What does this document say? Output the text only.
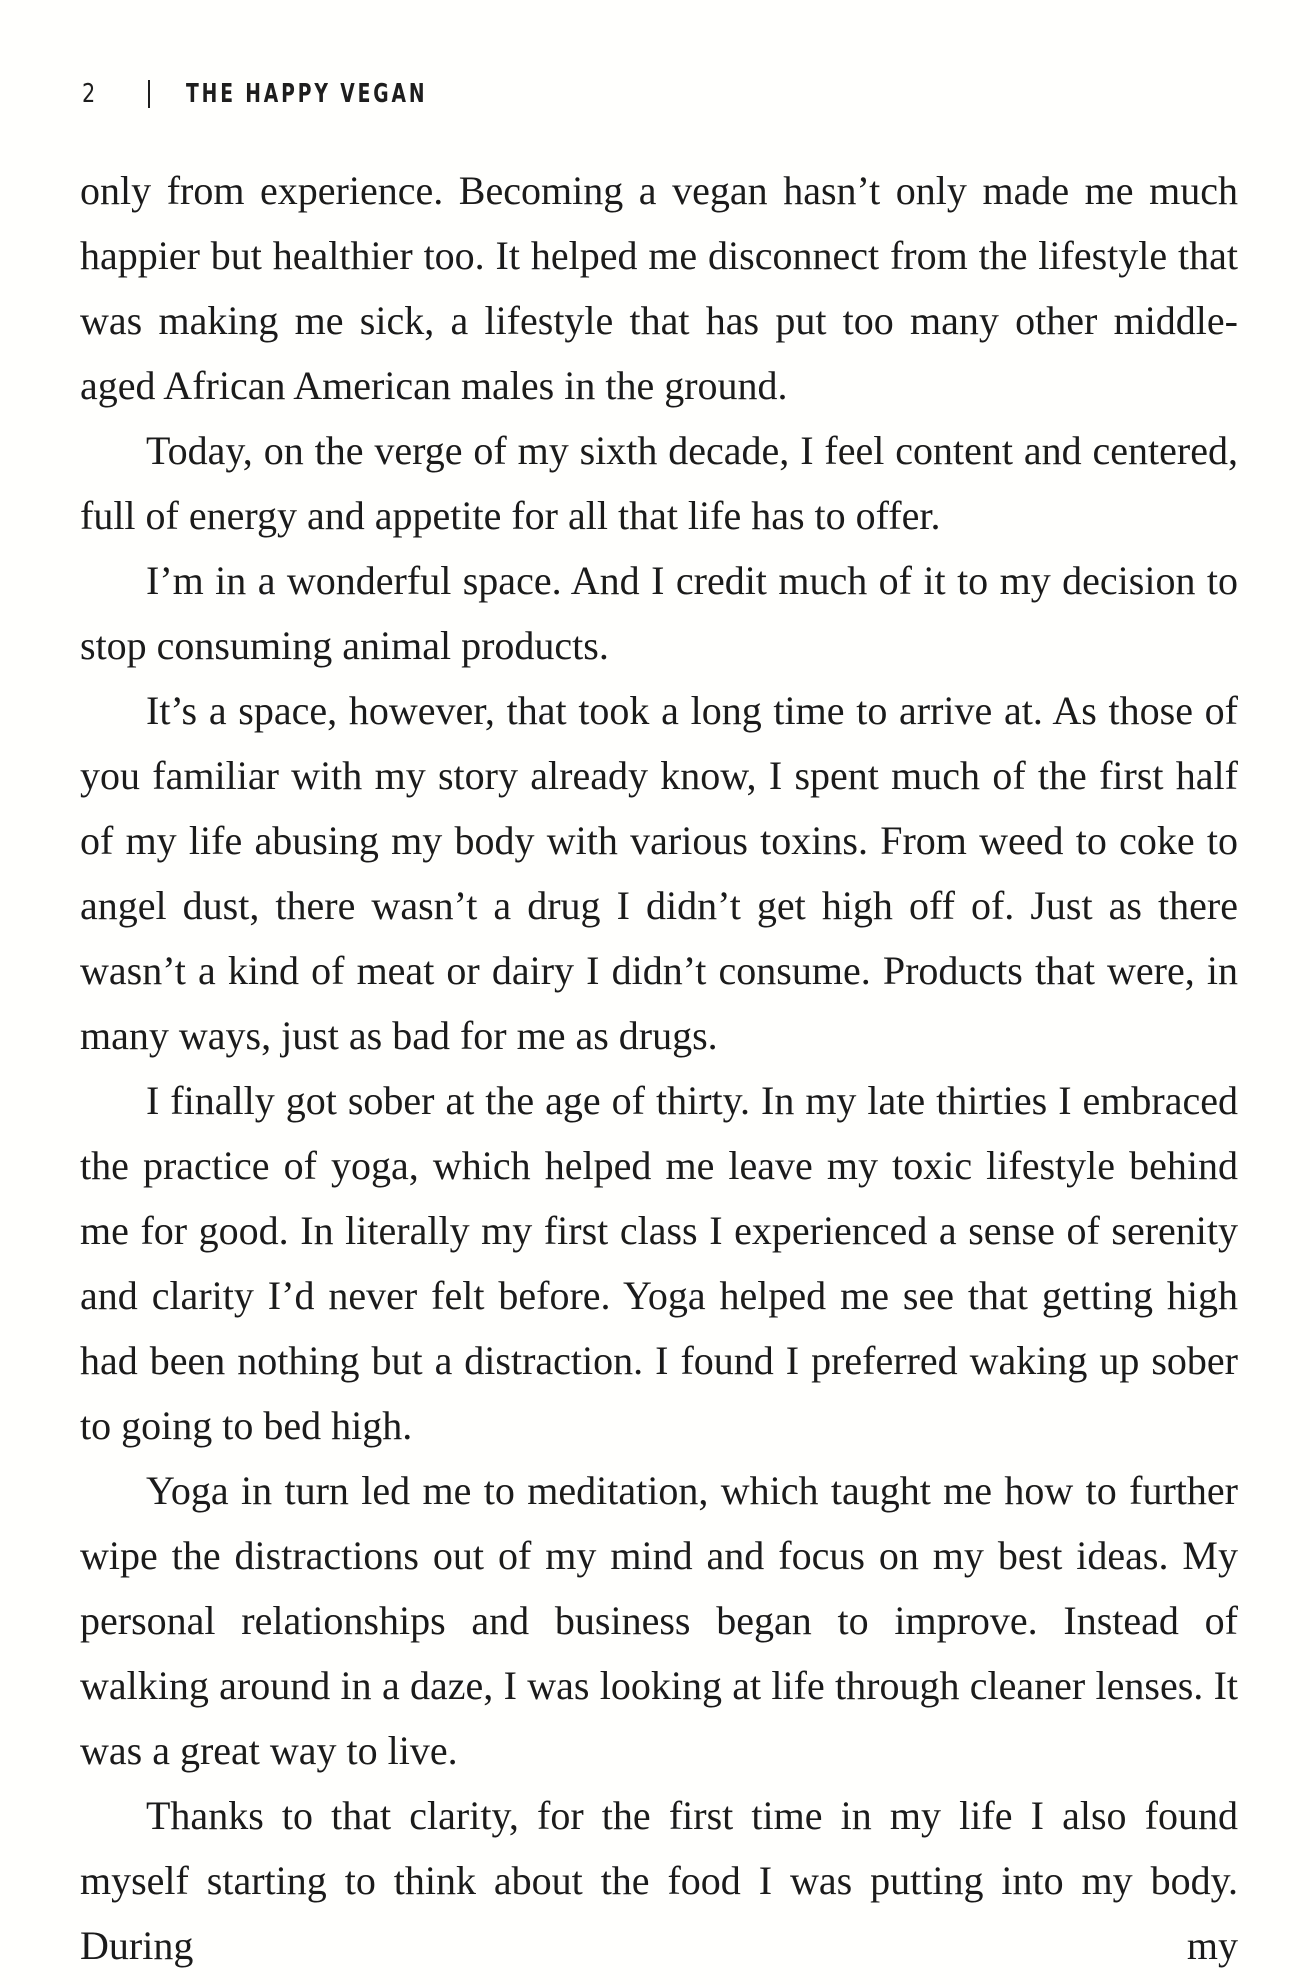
2	THE HAPPY VEGAN

only from experience. Becoming a vegan hasn’t only made me much happier but healthier too. It helped me disconnect from the lifestyle that was making me sick, a lifestyle that has put too many other middle-aged African American males in the ground.

Today, on the verge of my sixth decade, I feel content and centered, full of energy and appetite for all that life has to offer.

I’m in a wonderful space. And I credit much of it to my decision to stop consuming animal products.

It’s a space, however, that took a long time to arrive at. As those of you familiar with my story already know, I spent much of the first half of my life abusing my body with various toxins. From weed to coke to angel dust, there wasn’t a drug I didn’t get high off of. Just as there wasn’t a kind of meat or dairy I didn’t consume. Products that were, in many ways, just as bad for me as drugs.

I finally got sober at the age of thirty. In my late thirties I embraced the practice of yoga, which helped me leave my toxic lifestyle behind me for good. In literally my first class I experienced a sense of serenity and clarity I’d never felt before. Yoga helped me see that getting high had been nothing but a distraction. I found I preferred waking up sober to going to bed high.

Yoga in turn led me to meditation, which taught me how to further wipe the distractions out of my mind and focus on my best ideas. My personal relationships and business began to improve. Instead of walking around in a daze, I was looking at life through cleaner lenses. It was a great way to live.

Thanks to that clarity, for the first time in my life I also found myself starting to think about the food I was putting into my body. During my
